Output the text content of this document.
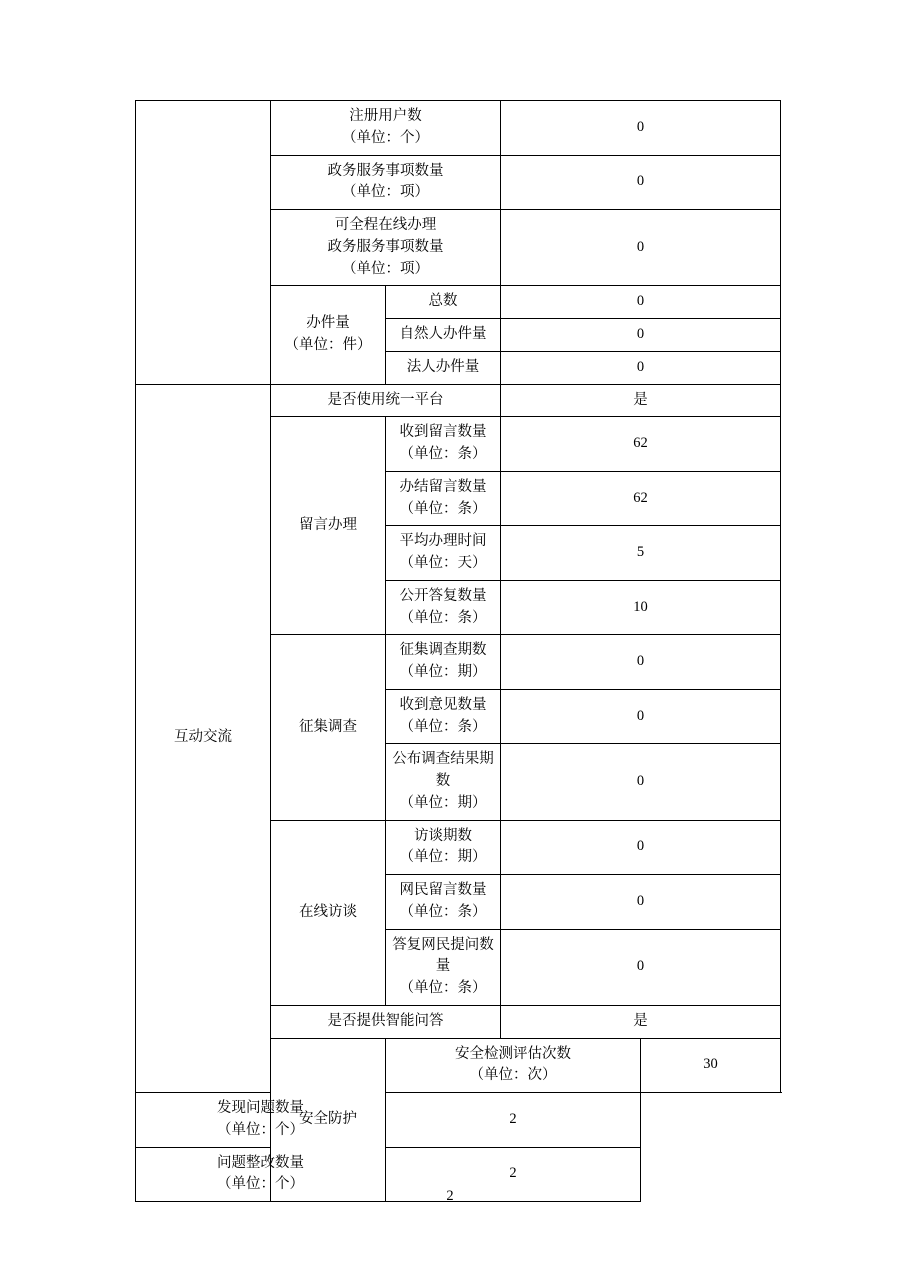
	注册用户数
（单位：个）		0	

	政务服务事项数量
（单位：项）		0	

	可全程在线办理
政务服务事项数量
（单位：项）		0	

	办件量
（单位：件）	总数	0	

		自然人办件量	0	

		法人办件量	0	
互动交流	是否使用统一平台		是	

	留言办理	收到留言数量
（单位：条）	62	

		办结留言数量
（单位：条）	62	

		平均办理时间
（单位：天）	5	

		公开答复数量
（单位：条）	10	

	征集调查	征集调查期数
（单位：期）	0	

		收到意见数量
（单位：条）	0	

		公布调查结果期数
（单位：期）	0	

	在线访谈	访谈期数
（单位：期）	0	

		网民留言数量
（单位：条）	0	

		答复网民提问数量
（单位：条）	0	

	是否提供智能问答		是	
	安全防护	安全检测评估次数
（单位：次）		30

发现问题数量
（单位：个）		2		

问题整改数量
（单位：个）		2		
2
